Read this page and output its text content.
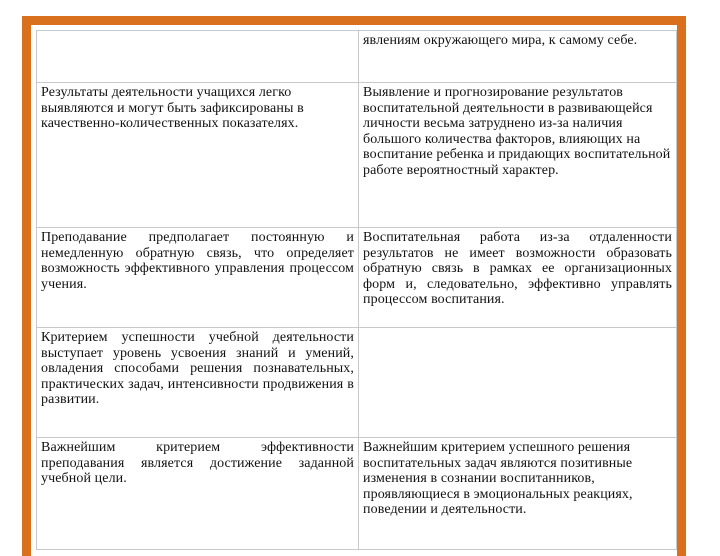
	явлениям окружающего мира, к самому себе.
Результаты деятельности учащихся легко выявляются и могут быть зафиксированы в качественно-количественных показателях.	Выявление и прогнозирование результатов воспитательной деятельности в развивающейся личности весьма затруднено из-за наличия большого количества факторов, влияющих на воспитание ребенка и придающих воспитательной работе вероятностный характер.
Преподавание предполагает постоянную и немедленную обратную связь, что определяет возможность эффективного управления процессом учения.	Воспитательная работа из-за отдаленности результатов не имеет возможности образовать обратную связь в рамках ее организационных форм и, следовательно, эффективно управлять процессом воспитания.
Критерием успешности учебной деятельности выступает уровень усвоения знаний и умений, овладения способами решения познавательных, практических задач, интенсивности продвижения в развитии.	
Важнейшим критерием эффективности преподавания является достижение заданной учебной цели.	Важнейшим критерием успешного решения воспитательных задач являются позитивные изменения в сознании воспитанников, проявляющиеся в эмоциональных реакциях, поведении и деятельности.
